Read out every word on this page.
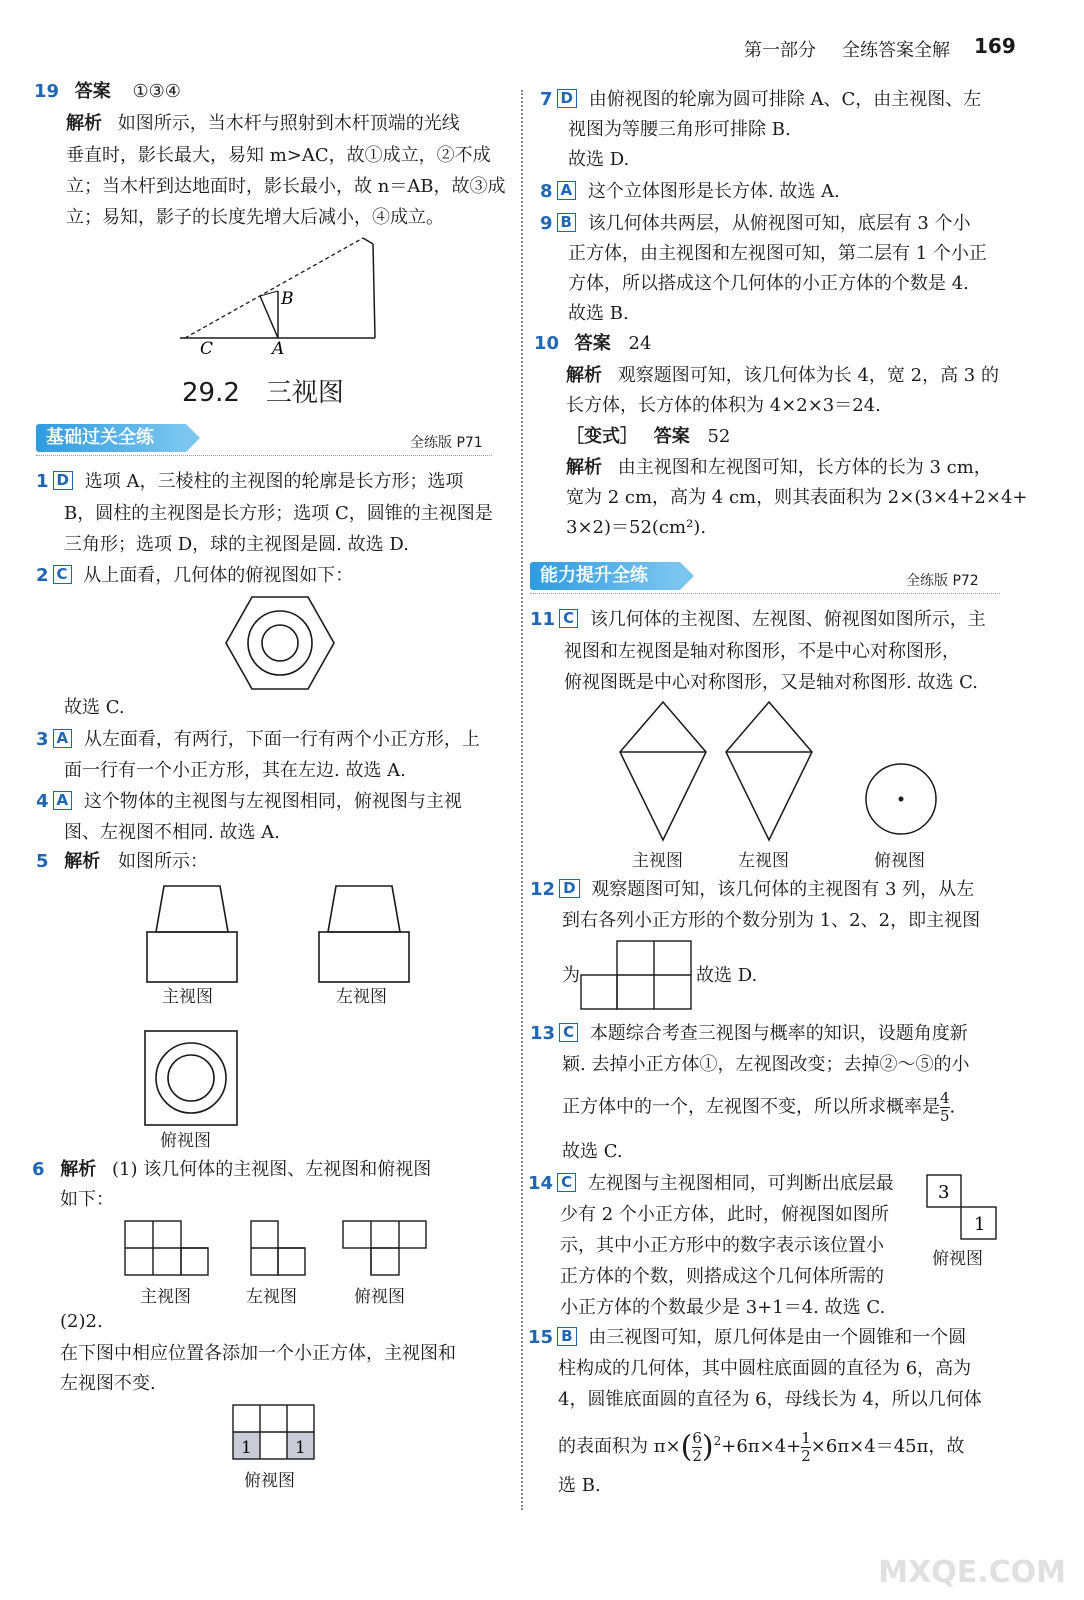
第一部分 全练答案全解 169
19 答案 ①③④
解析 如图所示，当木杆与照射到木杆顶端的光线
垂直时，影长最大，易知 m>AC，故①成立，②不成
立；当木杆到达地面时，影长最小，故 n＝AB，故③成
立；易知，影子的长度先增大后减小，④成立。
C	A
B
29.2　三视图
基础过关全练	全练版 P71
1 D 选项 A，三棱柱的主视图的轮廓是长方形；选项
B，圆柱的主视图是长方形；选项 C，圆锥的主视图是
三角形；选项 D，球的主视图是圆. 故选 D.
2 C 从上面看，几何体的俯视图如下：
故选 C.
3 A 从左面看，有两行，下面一行有两个小正方形，上
面一行有一个小正方形，其在左边. 故选 A.
4 A 这个物体的主视图与左视图相同，俯视图与主视
图、左视图不相同. 故选 A.
5 解析 如图所示：
主视图	左视图
俯视图
6 解析 (1) 该几何体的主视图、左视图和俯视图
如下：
主视图	左视图	俯视图
(2)2.
在下图中相应位置各添加一个小正方体，主视图和
左视图不变.
1	1
俯视图
7 D 由俯视图的轮廓为圆可排除 A、C，由主视图、左
视图为等腰三角形可排除 B.
故选 D.
8 A 这个立体图形是长方体. 故选 A.
9 B 该几何体共两层，从俯视图可知，底层有 3 个小
正方体，由主视图和左视图可知，第二层有 1 个小正
方体，所以搭成这个几何体的小正方体的个数是 4.
故选 B.
10 答案 24
解析 观察题图可知，该几何体为长 4，宽 2，高 3 的
长方体，长方体的体积为 4×2×3＝24.
［变式］ 答案 52
解析 由主视图和左视图可知，长方体的长为 3 cm，
宽为 2 cm，高为 4 cm，则其表面积为 2×(3×4+2×4+
3×2)＝52(cm²).
能力提升全练	全练版 P72
11 C 该几何体的主视图、左视图、俯视图如图所示，主
视图和左视图是轴对称图形，不是中心对称图形，
俯视图既是中心对称图形，又是轴对称图形. 故选 C.
主视图	左视图	俯视图
12 D 观察题图可知，该几何体的主视图有 3 列，从左
到右各列小正方形的个数分别为 1、2、2，即主视图
为	故选 D.
13 C 本题综合考查三视图与概率的知识，设题角度新
颖. 去掉小正方体①，左视图改变；去掉②～⑤的小
正方体中的一个，左视图不变，所以所求概率是 $\frac{4}{5}$ .
故选 C.
14 C 左视图与主视图相同，可判断出底层最
少有 2 个小正方体，此时，俯视图如图所
示，其中小正方形中的数字表示该位置小
正方体的个数，则搭成这个几何体所需的
小正方体的个数最少是 3+1＝4. 故选 C.
3
1
俯视图
15 B 由三视图可知，原几何体是由一个圆锥和一个圆
柱构成的几何体，其中圆柱底面圆的直径为 6，高为
4，圆锥底面圆的直径为 6，母线长为 4，所以几何体
的表面积为 $\pi\times( \frac{6}{2} )^2+6\pi\times 4+ \frac{1}{2} \times 6\pi\times 4=45\pi$，故
选 B.
MXQE.COM
